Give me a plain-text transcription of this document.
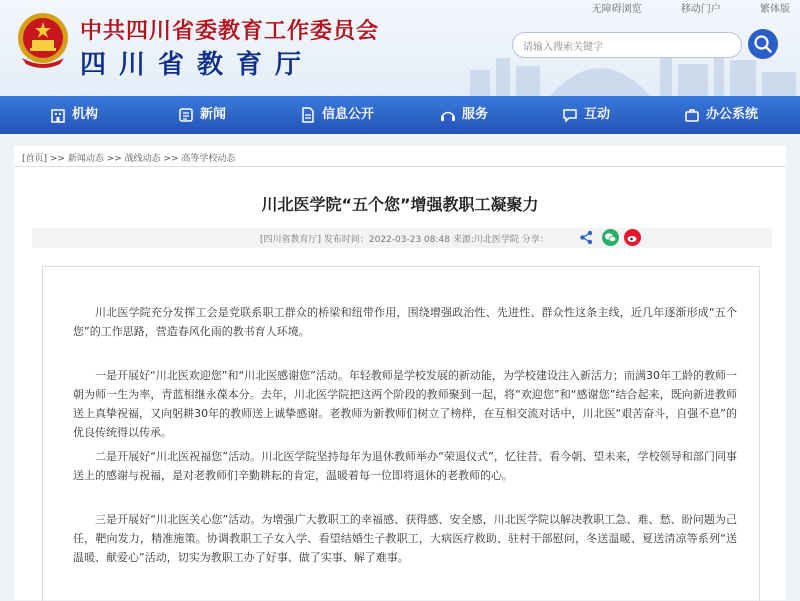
中共四川省委教育工作委员会
四川省教育厅
无障碍浏览	移动门户	繁体版
请输入搜索关键字
机构	新闻	信息公开	服务	互动	办公系统
[首页] >> 新闻动态 >> 战线动态 >> 高等学校动态
川北医学院“五个您”增强教职工凝聚力
[四川省教育厅] 发布时间：2022-03-23 08:48 来源:川北医学院 分享：

川北医学院充分发挥工会是党联系职工群众的桥梁和纽带作用，围绕增强政治性、先进性、群众性这条主线，近几年逐渐形成“五个您”的工作思路，营造春风化雨的教书育人环境。

一是开展好“川北医欢迎您”和“川北医感谢您”活动。年轻教师是学校发展的新动能，为学校建设注入新活力；而满30年工龄的教师一朝为师一生为率，青蓝相继永葆本分。去年，川北医学院把这两个阶段的教师聚到一起，将“欢迎您”和“感谢您”结合起来，既向新进教师送上真挚祝福，又向躬耕30年的教师送上诚挚感谢。老教师为新教师们树立了榜样，在互相交流对话中，川北医“艰苦奋斗，自强不息”的优良传统得以传承。

二是开展好“川北医祝福您”活动。川北医学院坚持每年为退休教师举办“荣退仪式”，忆往昔、看今朝、望未来，学校领导和部门同事送上的感谢与祝福，是对老教师们辛勤耕耘的肯定，温暖着每一位即将退休的老教师的心。

三是开展好“川北医关心您”活动。为增强广大教职工的幸福感、获得感、安全感，川北医学院以解决教职工急、难、愁、盼问题为己任，靶向发力，精准施策。协调教职工子女入学、看望结婚生子教职工，大病医疗救助、驻村干部慰问，冬送温暖、夏送清凉等系列“送温暖、献爱心”活动，切实为教职工办了好事、做了实事、解了难事。
